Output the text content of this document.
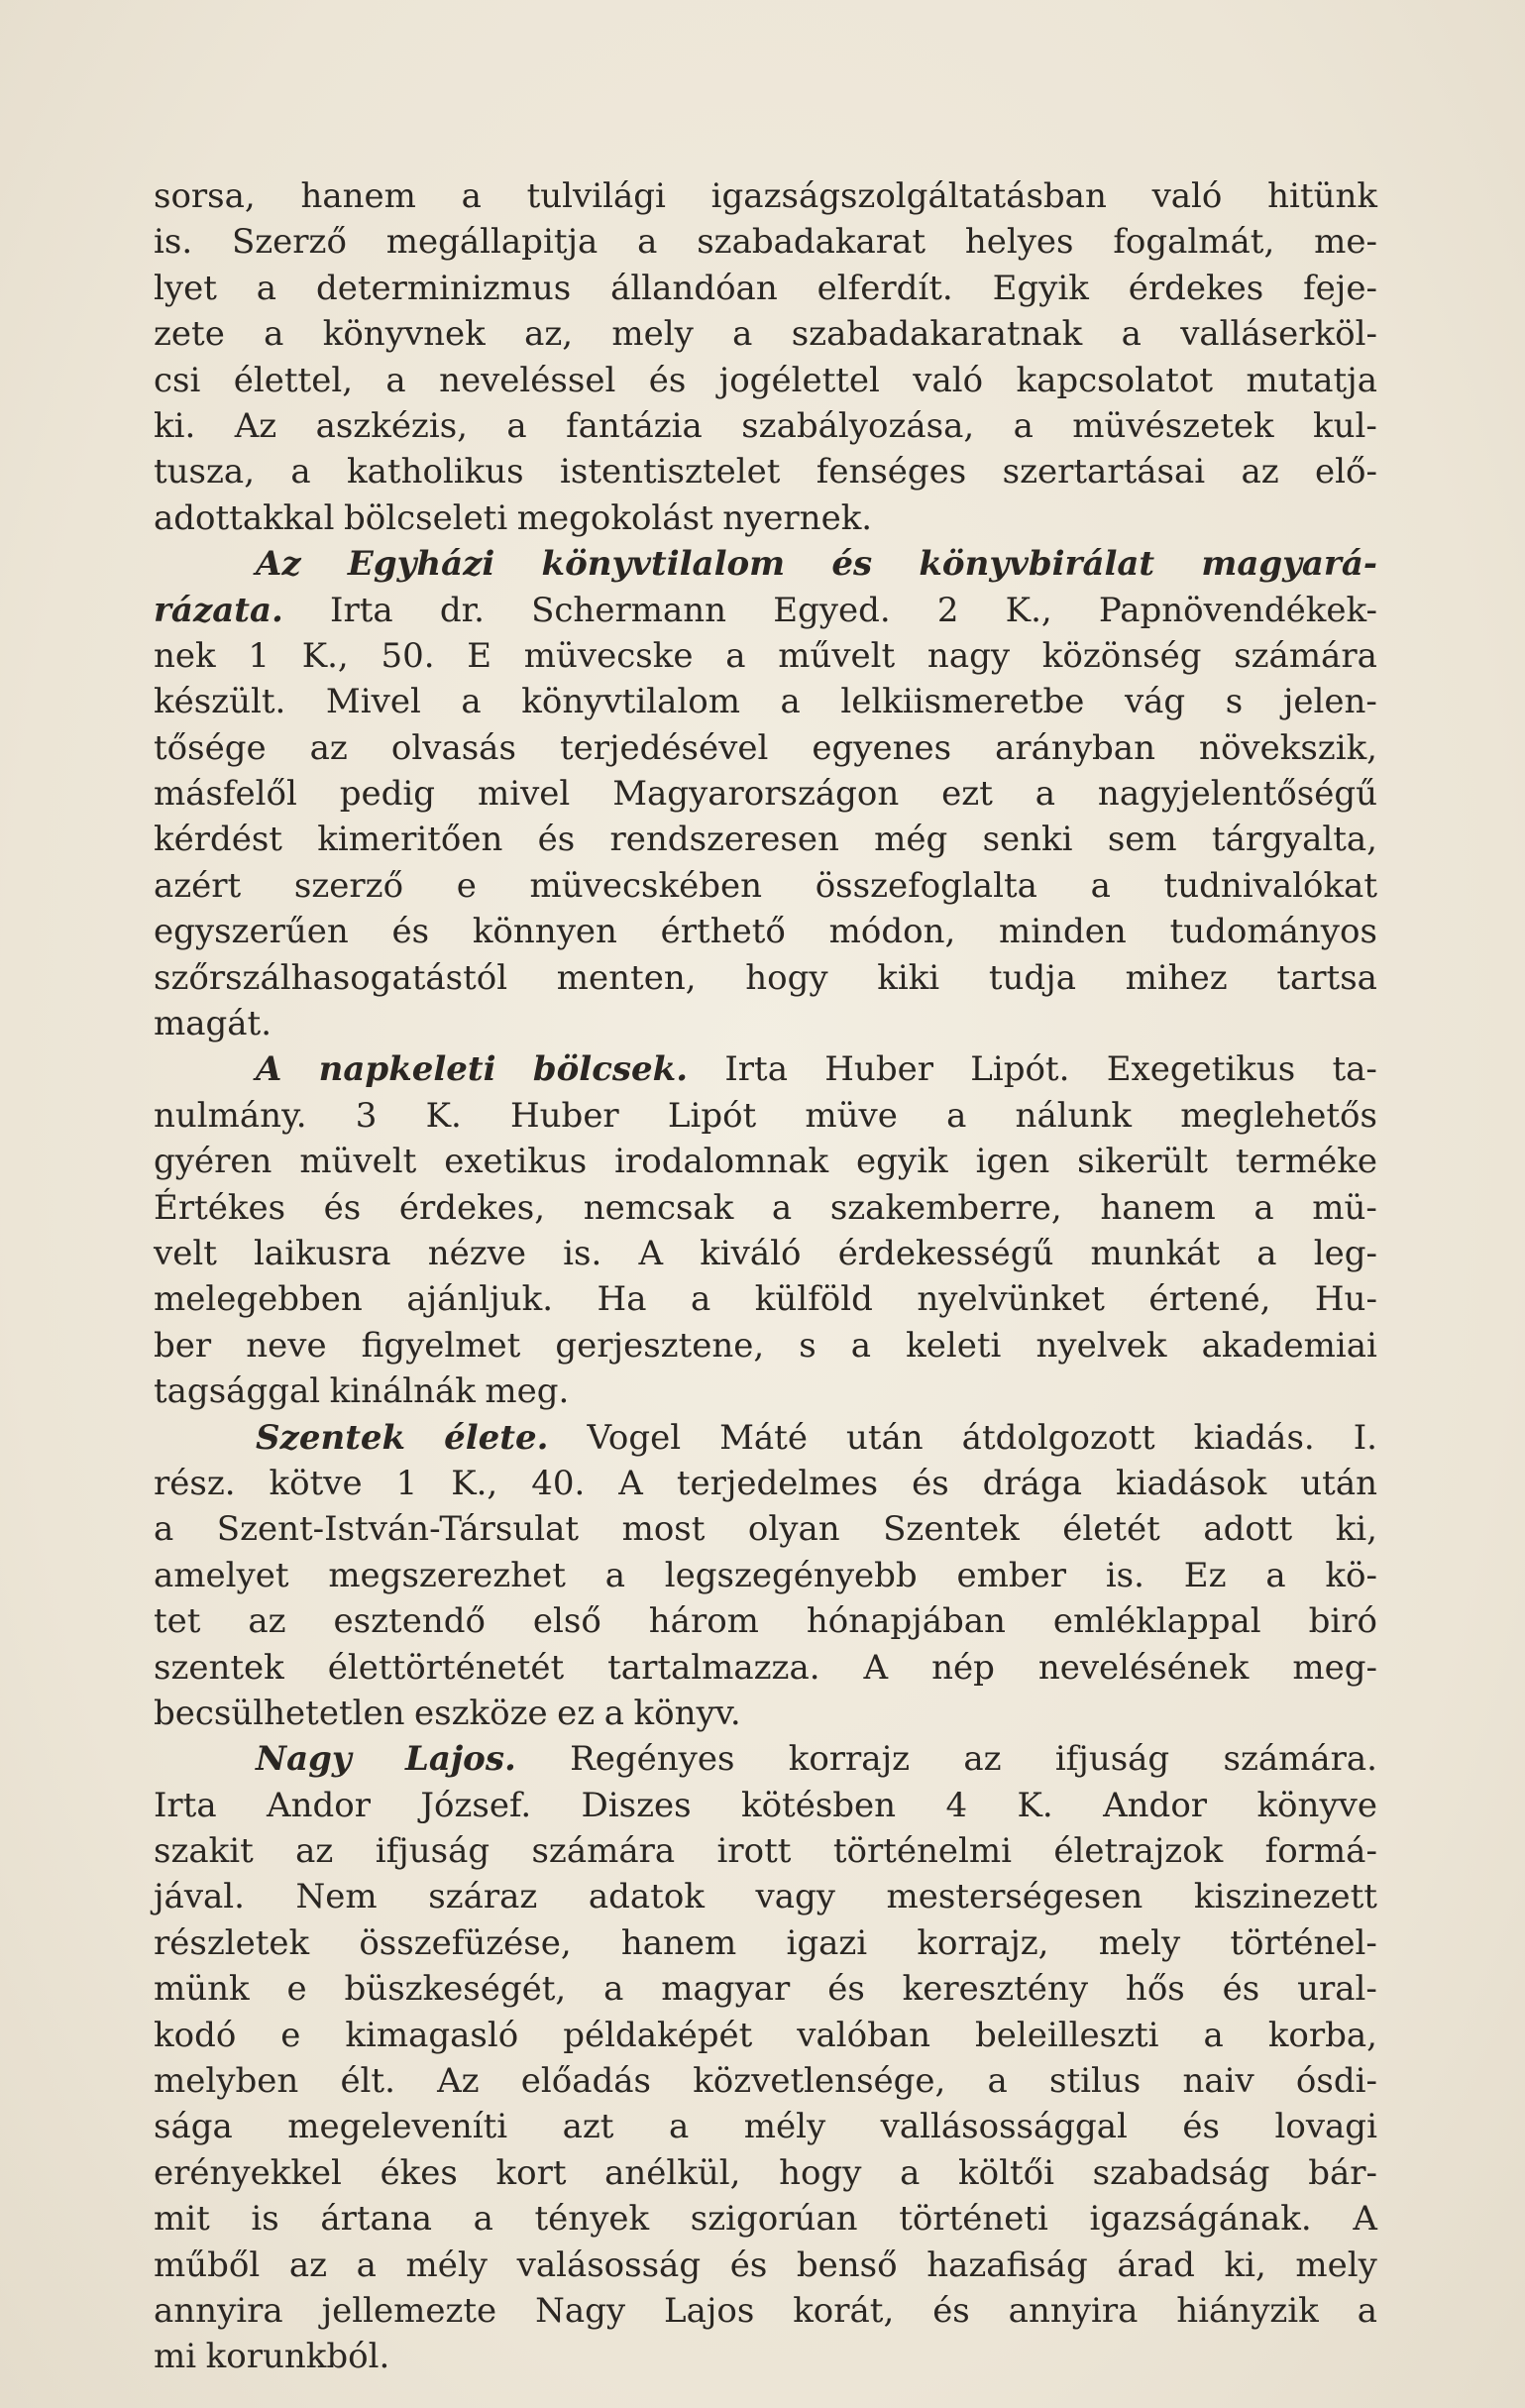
sorsa, hanem a tulvilági igazságszolgáltatásban való hitünk
is. Szerző megállapitja a szabadakarat helyes fogalmát, me-
lyet a determinizmus állandóan elferdít. Egyik érdekes feje-
zete a könyvnek az, mely a szabadakaratnak a valláserköl-
csi élettel, a neveléssel és jogélettel való kapcsolatot mutatja
ki. Az aszkézis, a fantázia szabályozása, a müvészetek kul-
tusza, a katholikus istentisztelet fenséges szertartásai az elő-
adottakkal bölcseleti megokolást nyernek.
Az Egyházi könyvtilalom és könyvbirálat magyará-
rázata. Irta dr. Schermann Egyed. 2 K., Papnövendékek-
nek 1 K., 50. E müvecske a művelt nagy közönség számára
készült. Mivel a könyvtilalom a lelkiismeretbe vág s jelen-
tősége az olvasás terjedésével egyenes arányban növekszik,
másfelől pedig mivel Magyarországon ezt a nagyjelentőségű
kérdést kimeritően és rendszeresen még senki sem tárgyalta,
azért szerző e müvecskében összefoglalta a tudnivalókat
egyszerűen és könnyen érthető módon, minden tudományos
szőrszálhasogatástól menten, hogy kiki tudja mihez tartsa
magát.
A napkeleti bölcsek. Irta Huber Lipót. Exegetikus ta-
nulmány. 3 K. Huber Lipót müve a nálunk meglehetős
gyéren müvelt exetikus irodalomnak egyik igen sikerült terméke
Értékes és érdekes, nemcsak a szakemberre, hanem a mü-
velt laikusra nézve is. A kiváló érdekességű munkát a leg-
melegebben ajánljuk. Ha a külföld nyelvünket értené, Hu-
ber neve figyelmet gerjesztene, s a keleti nyelvek akademiai
tagsággal kinálnák meg.
Szentek élete. Vogel Máté után átdolgozott kiadás. I.
rész. kötve 1 K., 40. A terjedelmes és drága kiadások után
a Szent-István-Társulat most olyan Szentek életét adott ki,
amelyet megszerezhet a legszegényebb ember is. Ez a kö-
tet az esztendő első három hónapjában emléklappal biró
szentek élettörténetét tartalmazza. A nép nevelésének meg-
becsülhetetlen eszköze ez a könyv.
Nagy Lajos. Regényes korrajz az ifjuság számára.
Irta Andor József. Diszes kötésben 4 K. Andor könyve
szakit az ifjuság számára irott történelmi életrajzok formá-
jával. Nem száraz adatok vagy mesterségesen kiszinezett
részletek összefüzése, hanem igazi korrajz, mely történel-
münk e büszkeségét, a magyar és keresztény hős és ural-
kodó e kimagasló példaképét valóban beleilleszti a korba,
melyben élt. Az előadás közvetlensége, a stilus naiv ósdi-
sága megeleveníti azt a mély vallásossággal és lovagi
erényekkel ékes kort anélkül, hogy a költői szabadság bár-
mit is ártana a tények szigorúan történeti igazságának. A
műből az a mély valásosság és benső hazafiság árad ki, mely
annyira jellemezte Nagy Lajos korát, és annyira hiányzik a
mi korunkból.
